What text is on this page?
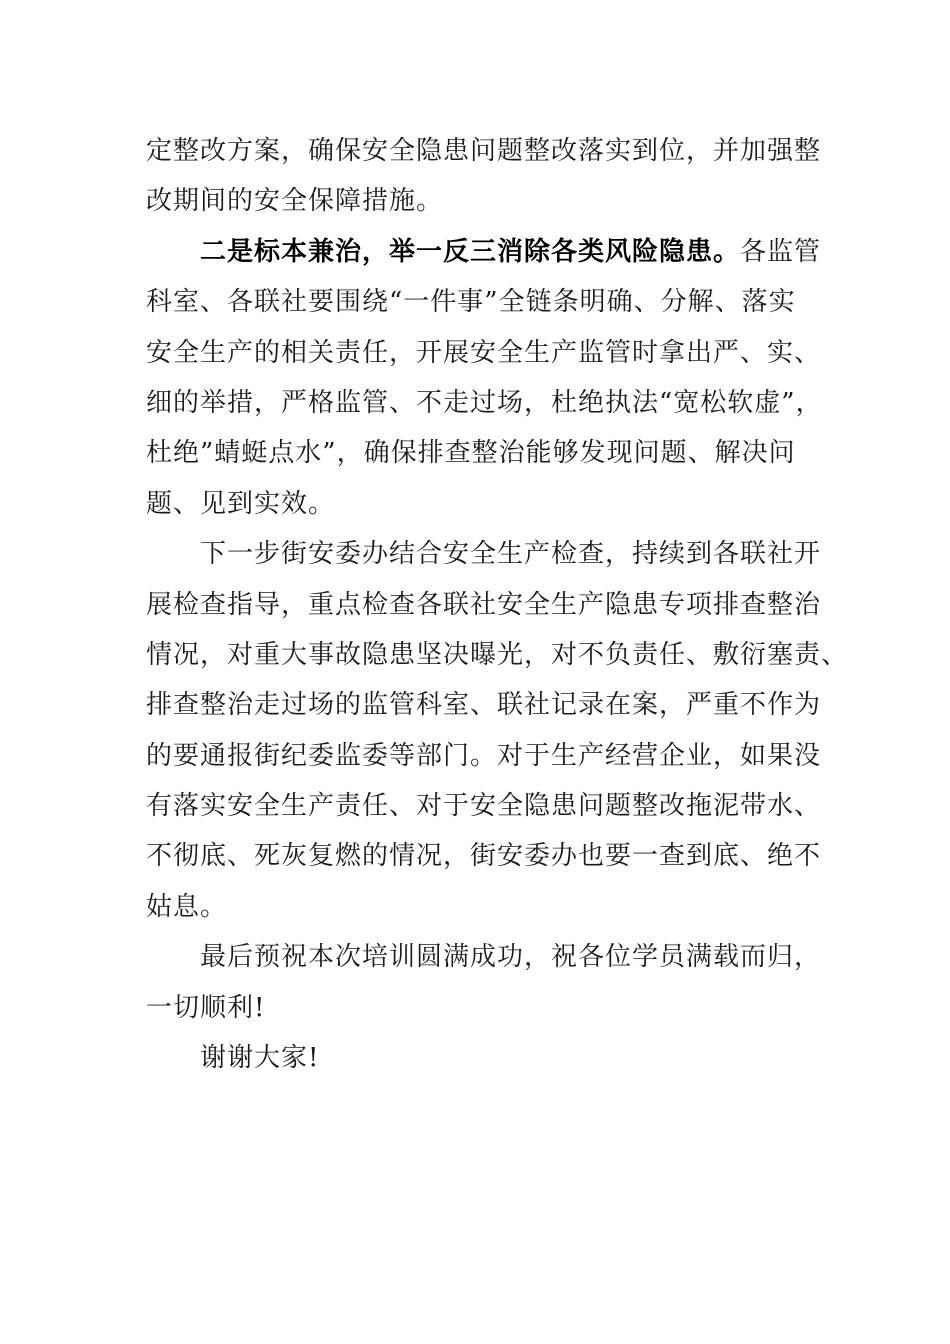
定整改方案，确保安全隐患问题整改落实到位，并加强整
改期间的安全保障措施。
二是标本兼治，举一反三消除各类风险隐患。各监管
科室、各联社要围绕“一件事”全链条明确、分解、落实
安全生产的相关责任，开展安全生产监管时拿出严、实、
细的举措，严格监管、不走过场，杜绝执法“宽松软虚”，
杜绝”蜻蜓点水”，确保排查整治能够发现问题、解决问
题、见到实效。
下一步街安委办结合安全生产检查，持续到各联社开
展检查指导，重点检查各联社安全生产隐患专项排查整治
情况，对重大事故隐患坚决曝光，对不负责任、敷衍塞责、
排查整治走过场的监管科室、联社记录在案，严重不作为
的要通报街纪委监委等部门。对于生产经营企业，如果没
有落实安全生产责任、对于安全隐患问题整改拖泥带水、
不彻底、死灰复燃的情况，街安委办也要一查到底、绝不
姑息。
最后预祝本次培训圆满成功，祝各位学员满载而归，
一切顺利!
谢谢大家!
